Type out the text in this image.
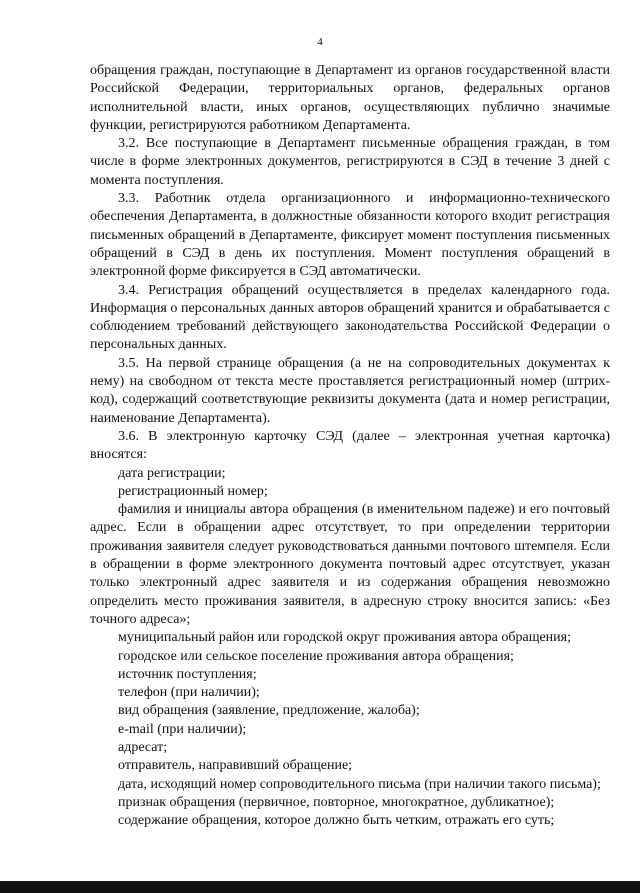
4

обращения граждан, поступающие в Департамент из органов государственной власти Российской Федерации, территориальных органов, федеральных органов исполнительной власти, иных органов, осуществляющих публично значимые функции, регистрируются работником Департамента.

3.2. Все поступающие в Департамент письменные обращения граждан, в том числе в форме электронных документов, регистрируются в СЭД в течение 3 дней с момента поступления.

3.3. Работник отдела организационного и информационно-технического обеспечения Департамента, в должностные обязанности которого входит регистрация письменных обращений в Департаменте, фиксирует момент поступления письменных обращений в СЭД в день их поступления. Момент поступления обращений в электронной форме фиксируется в СЭД автоматически.

3.4. Регистрация обращений осуществляется в пределах календарного года. Информация о персональных данных авторов обращений хранится и обрабатывается с соблюдением требований действующего законодательства Российской Федерации о персональных данных.

3.5. На первой странице обращения (а не на сопроводительных документах к нему) на свободном от текста месте проставляется регистрационный номер (штрих-код), содержащий соответствующие реквизиты документа (дата и номер регистрации, наименование Департамента).

3.6. В электронную карточку СЭД (далее – электронная учетная карточка) вносятся:

дата регистрации;

регистрационный номер;

фамилия и инициалы автора обращения (в именительном падеже) и его почтовый адрес. Если в обращении адрес отсутствует, то при определении территории проживания заявителя следует руководствоваться данными почтового штемпеля. Если в обращении в форме электронного документа почтовый адрес отсутствует, указан только электронный адрес заявителя и из содержания обращения невозможно определить место проживания заявителя, в адресную строку вносится запись: «Без точного адреса»;

муниципальный район или городской округ проживания автора обращения;

городское или сельское поселение проживания автора обращения;

источник поступления;

телефон (при наличии);

вид обращения (заявление, предложение, жалоба);

e-mail (при наличии);

адресат;

отправитель, направивший обращение;

дата, исходящий номер сопроводительного письма (при наличии такого письма);

признак обращения (первичное, повторное, многократное, дубликатное);

содержание обращения, которое должно быть четким, отражать его суть;
